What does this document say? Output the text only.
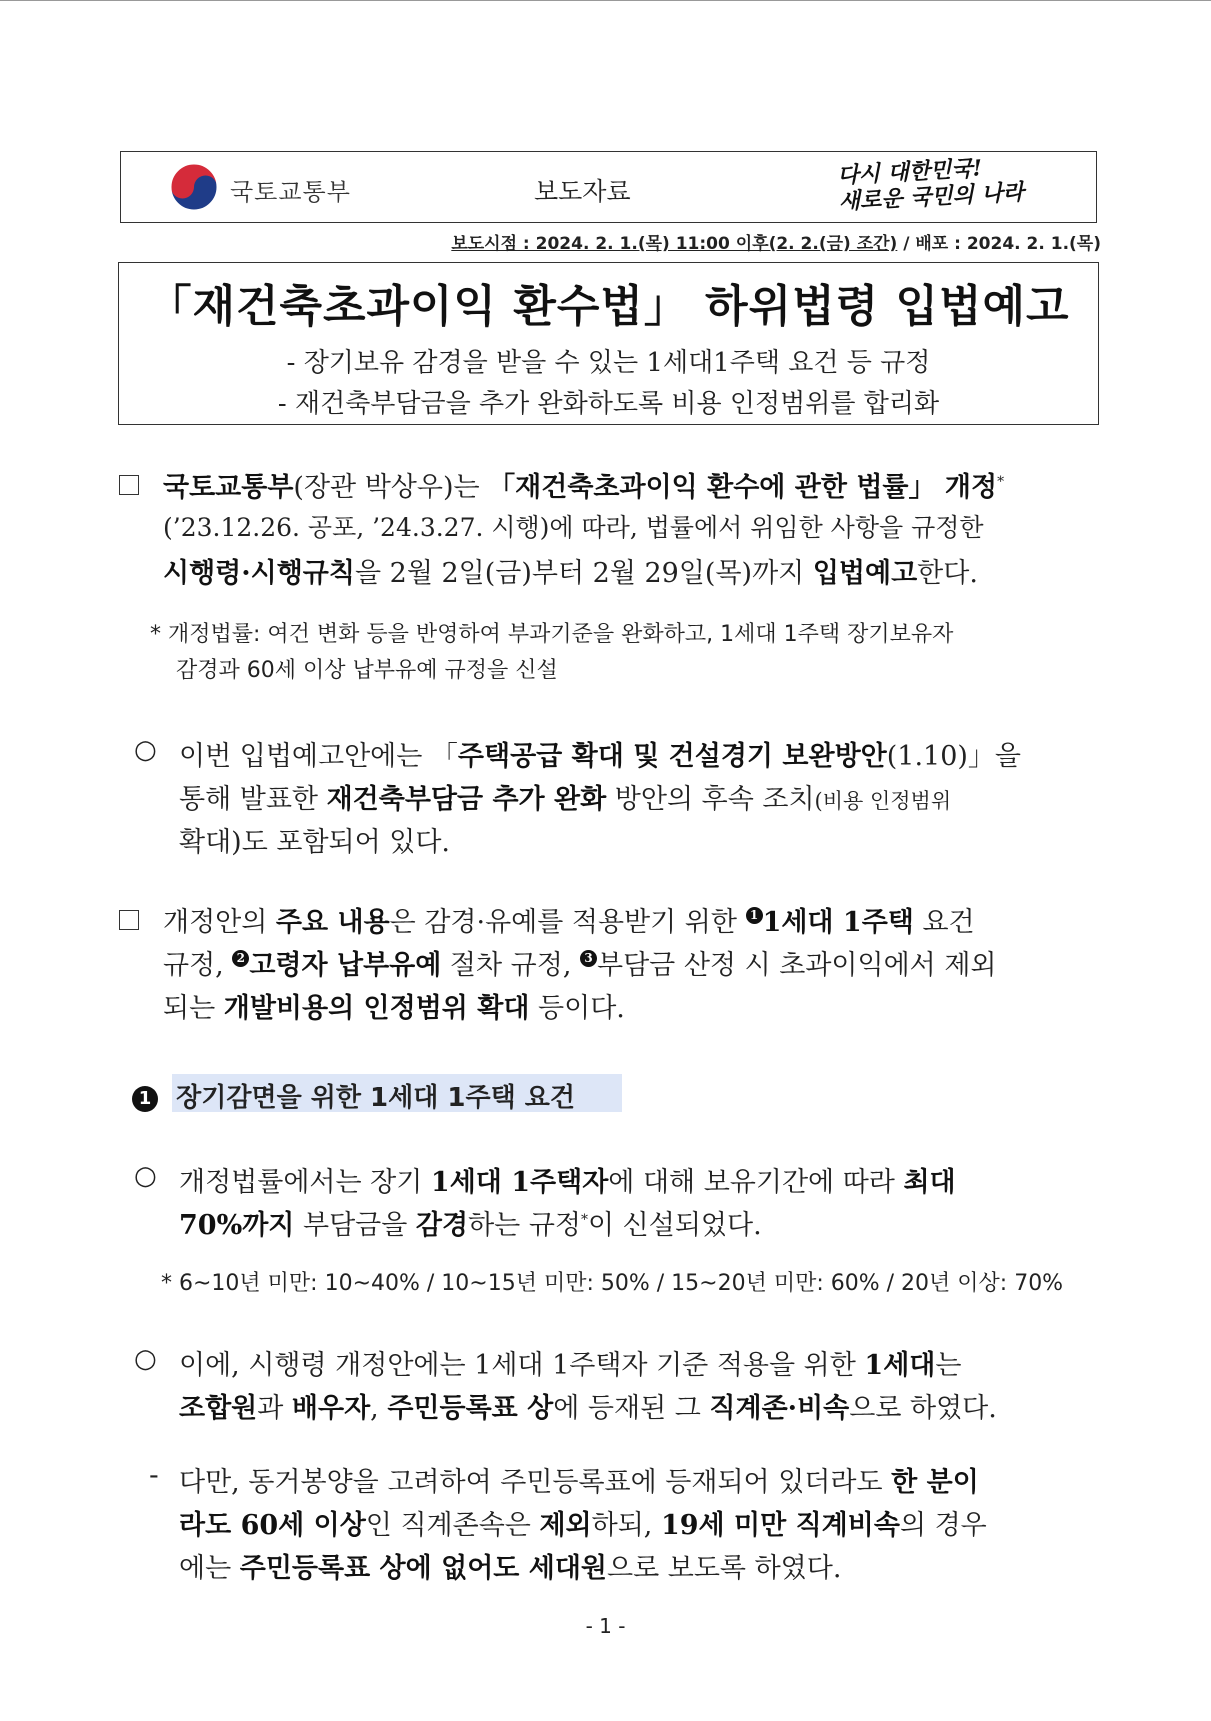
국토교통부	보도자료
다시 대한민국!
새로운 국민의 나라
보도시점 : 2024. 2. 1.(목) 11:00 이후(2. 2.(금) 조간) / 배포 : 2024. 2. 1.(목)
「재건축초과이익 환수법」 하위법령 입법예고
- 장기보유 감경을 받을 수 있는 1세대1주택 요건 등 규정
- 재건축부담금을 추가 완화하도록 비용 인정범위를 합리화
국토교통부(장관 박상우)는 「재건축초과이익 환수에 관한 법률」 개정*
(’23.12.26. 공포, ’24.3.27. 시행)에 따라, 법률에서 위임한 사항을 규정한
시행령·시행규칙을 2월 2일(금)부터 2월 29일(목)까지 입법예고한다.
* 개정법률: 여건 변화 등을 반영하여 부과기준을 완화하고, 1세대 1주택 장기보유자
감경과 60세 이상 납부유예 규정을 신설
○ 이번 입법예고안에는 「주택공급 확대 및 건설경기 보완방안(1.10)」을
통해 발표한 재건축부담금 추가 완화 방안의 후속 조치(비용 인정범위
확대)도 포함되어 있다.
개정안의 주요 내용은 감경·유예를 적용받기 위한 1 1세대 1주택 요건
규정, 2 고령자 납부유예 절차 규정, 3 부담금 산정 시 초과이익에서 제외
되는 개발비용의 인정범위 확대 등이다.
1 장기감면을 위한 1세대 1주택 요건
○ 개정법률에서는 장기 1세대 1주택자에 대해 보유기간에 따라 최대
70%까지 부담금을 감경하는 규정*이 신설되었다.
* 6~10년 미만: 10~40% / 10~15년 미만: 50% / 15~20년 미만: 60% / 20년 이상: 70%
○ 이에, 시행령 개정안에는 1세대 1주택자 기준 적용을 위한 1세대는
조합원과 배우자, 주민등록표 상에 등재된 그 직계존·비속으로 하였다.
- 다만, 동거봉양을 고려하여 주민등록표에 등재되어 있더라도 한 분이
라도 60세 이상인 직계존속은 제외하되, 19세 미만 직계비속의 경우
에는 주민등록표 상에 없어도 세대원으로 보도록 하였다.
- 1 -
